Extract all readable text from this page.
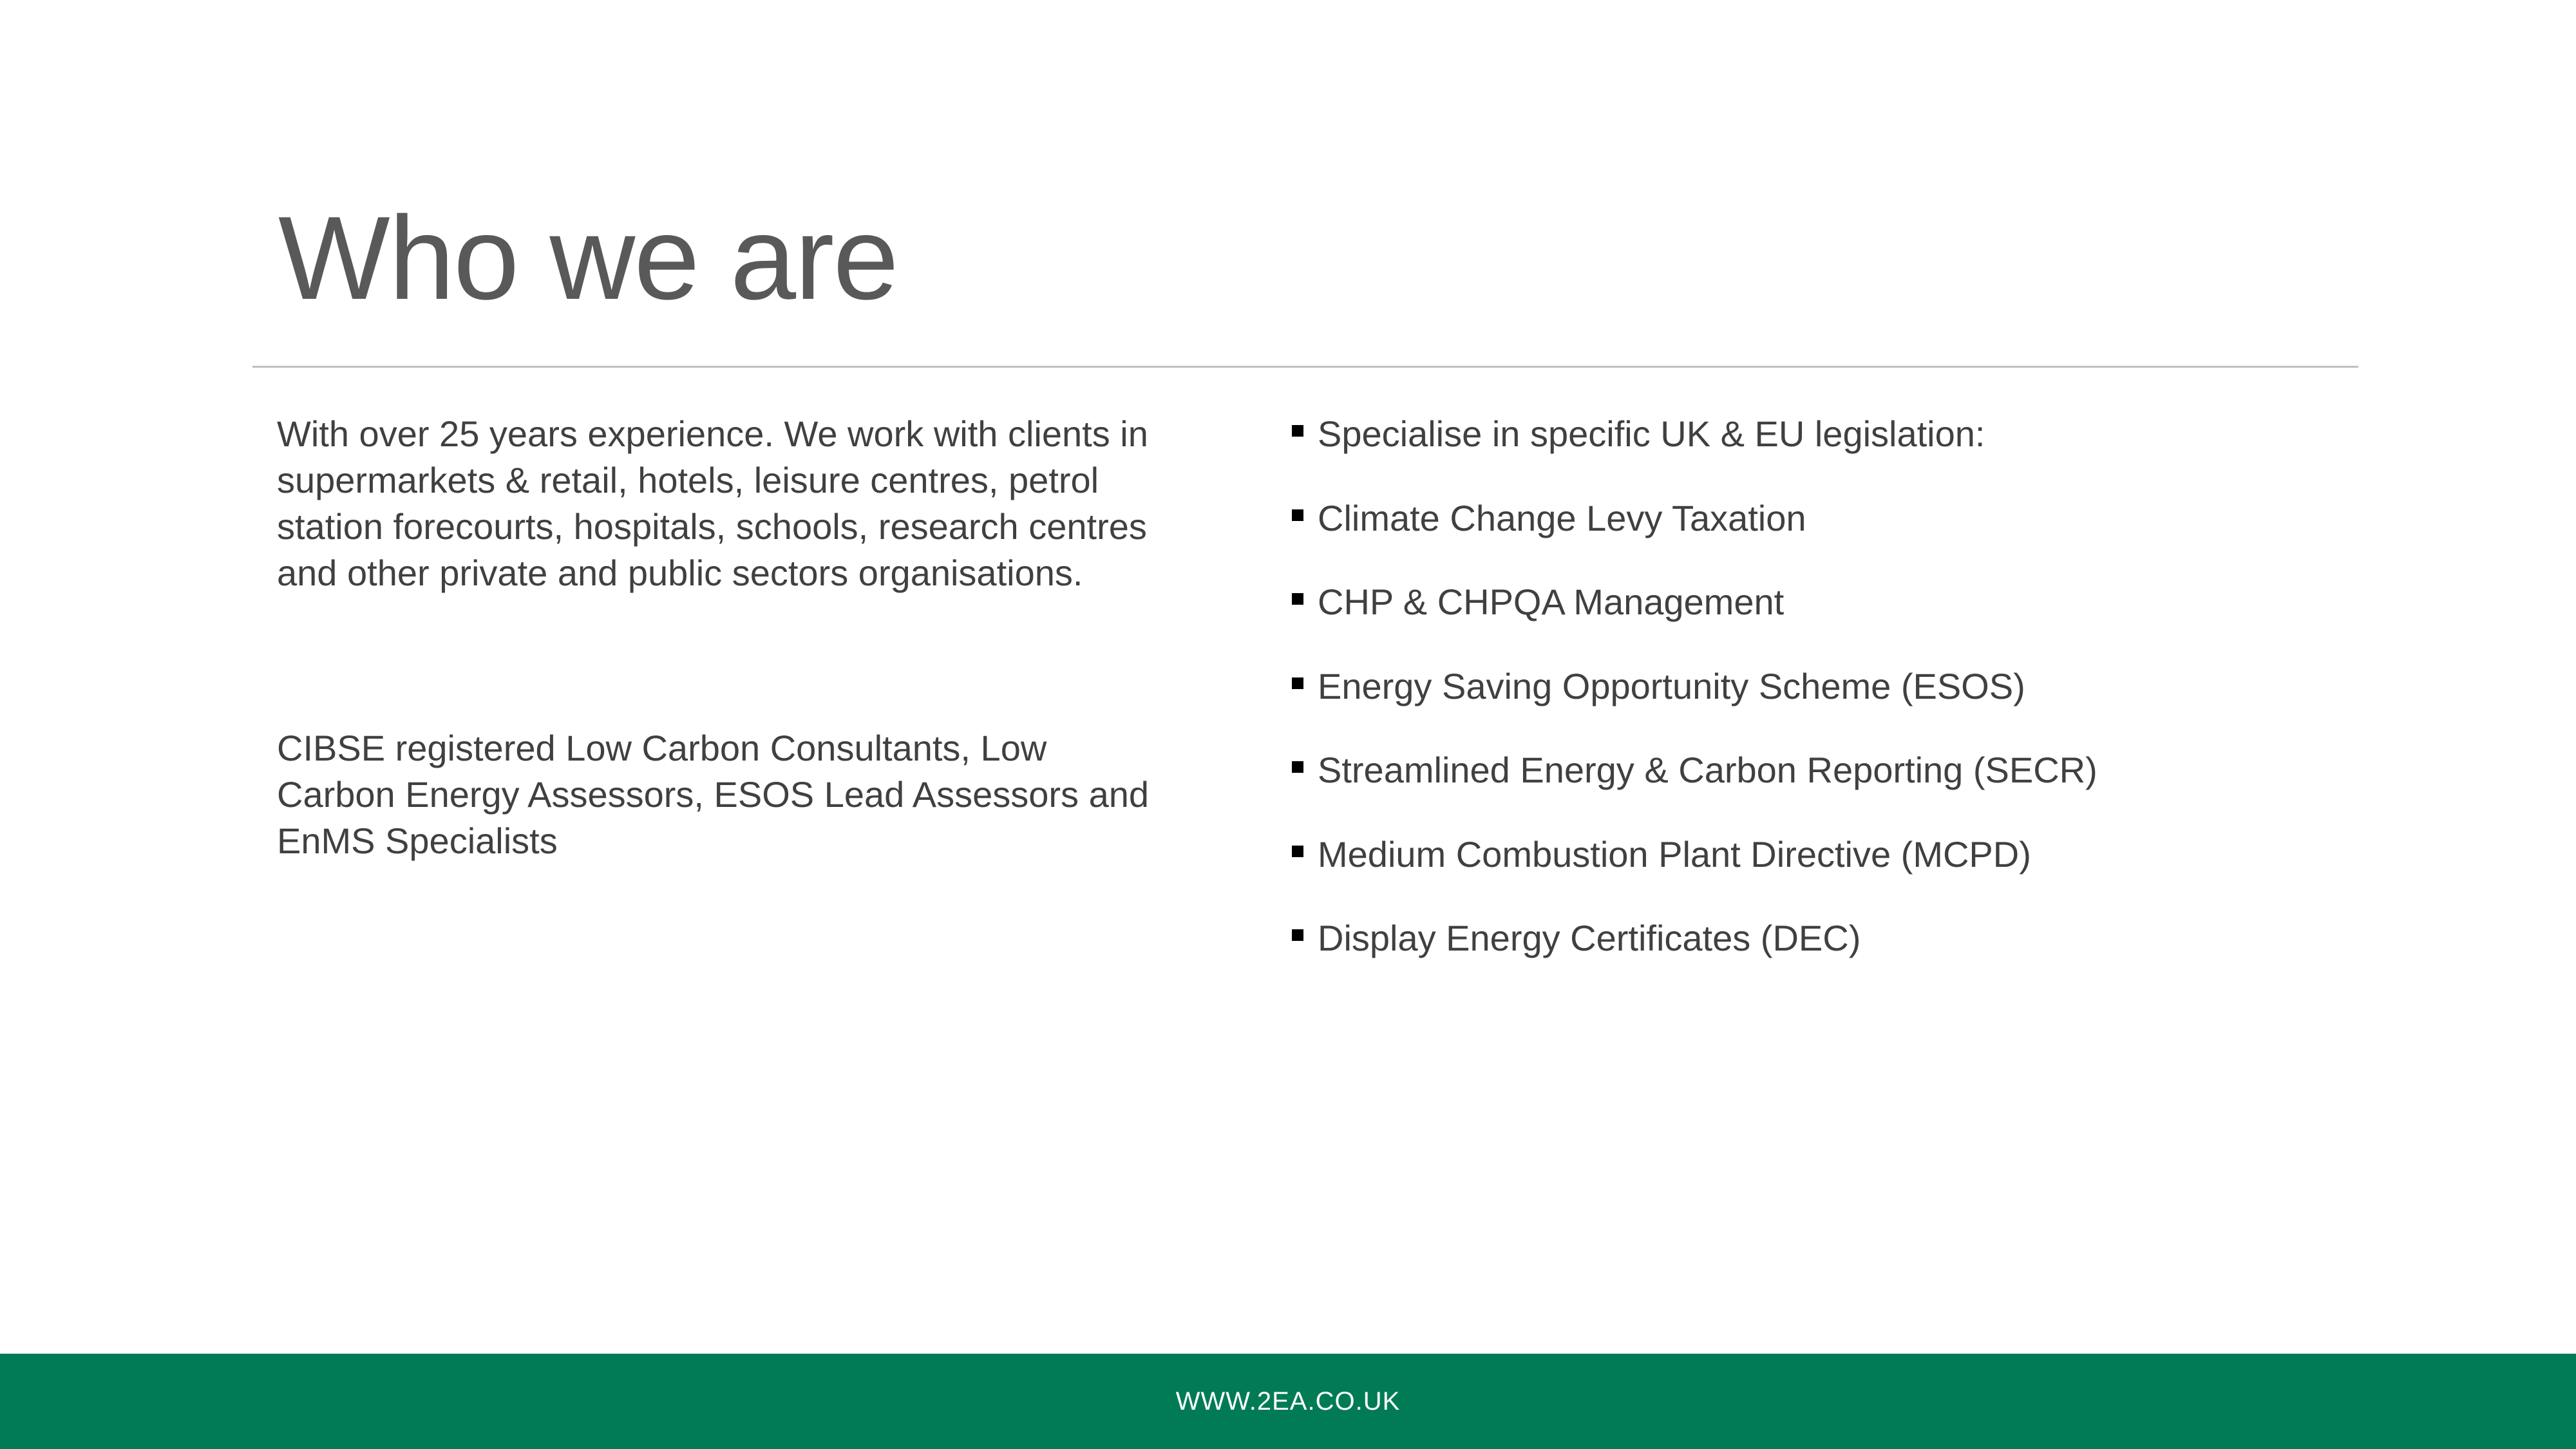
Who we are

With over 25 years experience. We work with clients in supermarkets & retail, hotels, leisure centres, petrol station forecourts, hospitals, schools, research centres and other private and public sectors organisations.

CIBSE registered Low Carbon Consultants, Low Carbon Energy Assessors, ESOS Lead Assessors and EnMS Specialists

Specialise in specific UK & EU legislation:
Climate Change Levy Taxation
CHP & CHPQA Management
Energy Saving Opportunity Scheme (ESOS)
Streamlined Energy & Carbon Reporting (SECR)
Medium Combustion Plant Directive (MCPD)
Display Energy Certificates (DEC)
WWW.2EA.CO.UK
